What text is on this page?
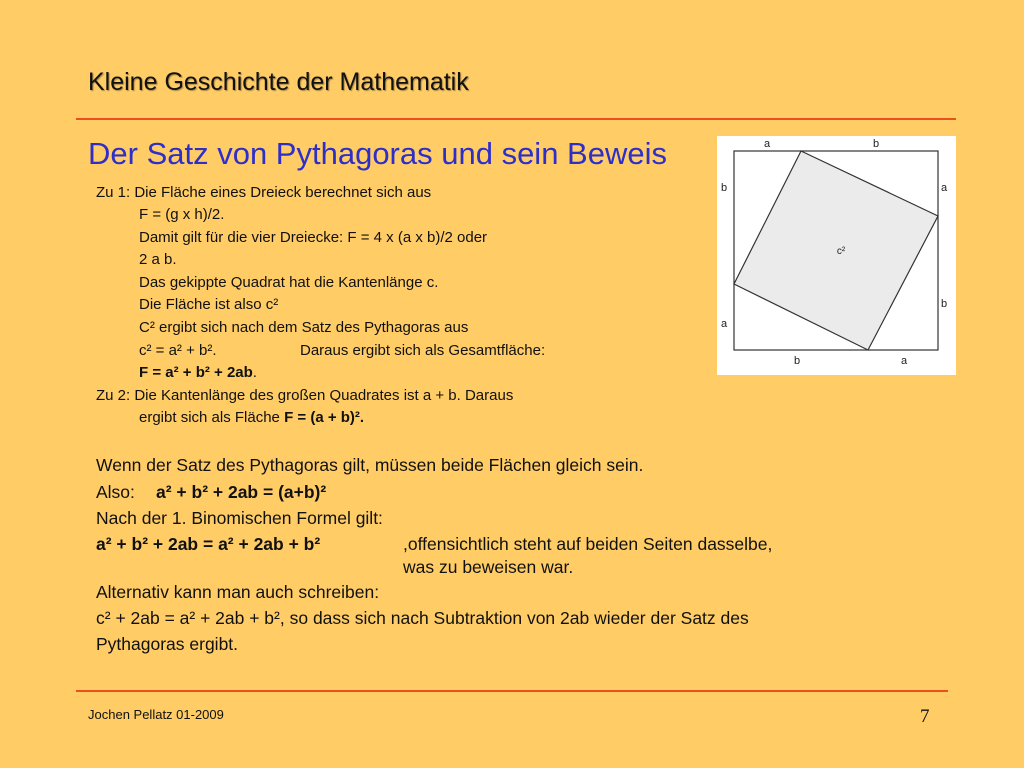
Kleine Geschichte der Mathematik
Der Satz von Pythagoras und sein Beweis
Zu 1: Die Fläche eines Dreieck berechnet sich aus
F = (g x h)/2.
Damit gilt für die vier Dreiecke: F = 4 x (a x b)/2 oder
2 a b.
Das gekippte Quadrat hat die Kantenlänge c.
Die Fläche ist also c²
C² ergibt sich nach dem Satz des Pythagoras aus
c² = a² + b².	Daraus ergibt sich als Gesamtfläche:
F = a² + b² + 2ab.
Zu 2: Die Kantenlänge des großen Quadrates ist a + b. Daraus
ergibt sich als Fläche F = (a + b)².
Wenn der Satz des Pythagoras gilt, müssen beide Flächen gleich sein.
Also: a² + b² + 2ab = (a+b)²
Nach der 1. Binomischen Formel gilt:
a² + b² + 2ab = a² + 2ab + b²	,offensichtlich steht auf beiden Seiten dasselbe,
was zu beweisen war.
Alternativ kann man auch schreiben:
c² + 2ab = a² + 2ab + b², so dass sich nach Subtraktion von 2ab wieder der Satz des
Pythagoras ergibt.
a	b
b
a
a
b
b	a
c²
Jochen Pellatz 01-2009	7
